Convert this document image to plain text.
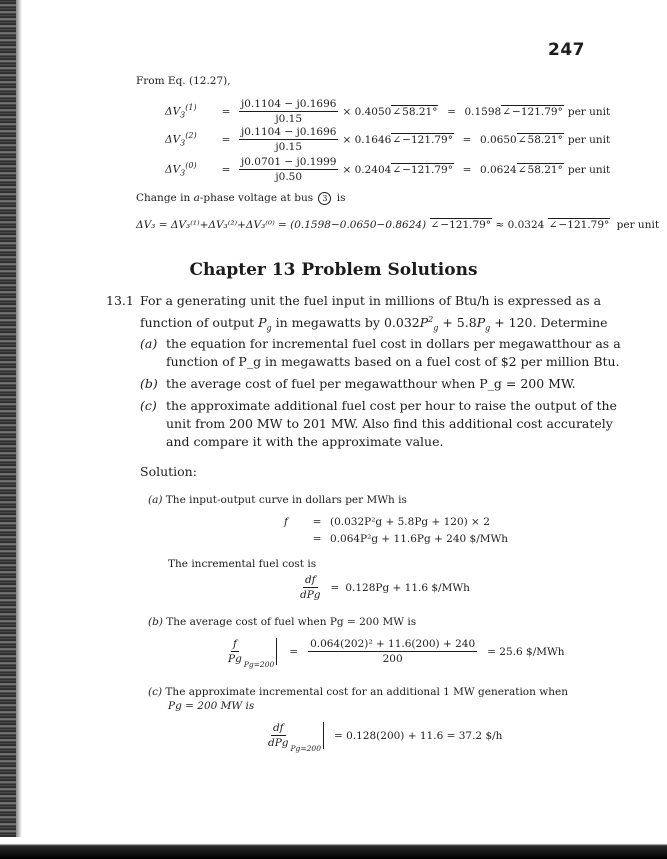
247
From Eq. (12.27),
$\Delta V_3^{(1)}$	= $\frac{j0.1104 - j0.1696}{j0.15} \times 0.4050$	∠ 58.21° = 0.1598	∠ −121.79° per unit
$\Delta V_3^{(2)}$	= $\frac{j0.1104 - j0.1696}{j0.15} \times 0.1646$	∠ −121.79° = 0.0650	∠ 58.21° per unit
$\Delta V_3^{(0)}$	= $\frac{j0.0701 - j0.1999}{j0.50} \times 0.2404$	∠ −121.79° = 0.0624	∠ 58.21° per unit
Change in a-phase voltage at bus 3 is
ΔV₃ = ΔV₃⁽¹⁾+ΔV₃⁽²⁾+ΔV₃⁽⁰⁾ = (0.1598−0.0650−0.8624) ∠ −121.79° ≈ 0.0324 ∠ −121.79° per unit
Chapter 13 Problem Solutions
13.1 For a generating unit the fuel input in millions of Btu/h is expressed as a
function of output $P_g$ in megawatts by $0.032P^2_g + 5.8P_g + 120$. Determine
(a) the equation for incremental fuel cost in dollars per megawatthour as a
function of P_g in megawatts based on a fuel cost of $2 per million Btu.
(b) the average cost of fuel per megawatthour when P_g = 200 MW.
(c) the approximate additional fuel cost per hour to raise the output of the
unit from 200 MW to 201 MW. Also find this additional cost accurately
and compare it with the approximate value.
Solution:
(a) The input-output curve in dollars per MWh is
f	= (0.032P²g + 5.8Pg + 120) × 2
= 0.064P²g + 11.6Pg + 240 $/MWh
The incremental fuel cost is
$\frac{df}{\text{dPg}} = 0.128Pg + 11.6$ $/MWh
(b) The average cost of fuel when Pg = 200 MW is
$\frac{f}{Pg} Pg=200$
= $\frac{\text{0.064(202)² + 11.6(200) + 240}}{200} = 25.6$ $/MWh
(c) The approximate incremental cost for an additional 1 MW generation when
Pg = 200 MW is
$\frac{df}{\text{dPg}} Pg=200$
= 0.128(200) + 11.6 = 37.2 $/h
